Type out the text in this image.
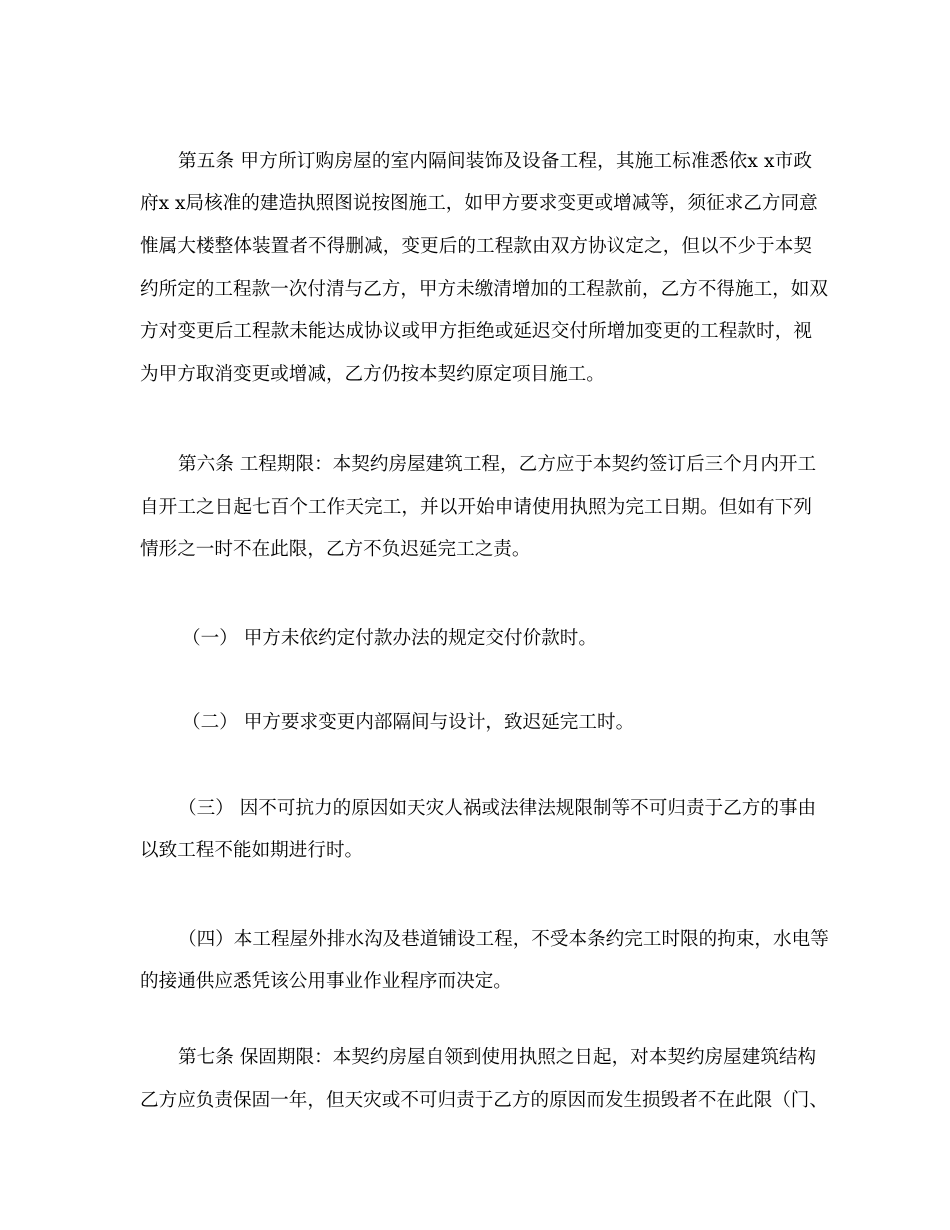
第五条 甲方所订购房屋的室内隔间装饰及设备工程，其施工标准悉依x x市政
府x x局核准的建造执照图说按图施工，如甲方要求变更或增减等，须征求乙方同意
惟属大楼整体装置者不得删减，变更后的工程款由双方协议定之，但以不少于本契
约所定的工程款一次付清与乙方，甲方未缴清增加的工程款前，乙方不得施工，如双
方对变更后工程款未能达成协议或甲方拒绝或延迟交付所增加变更的工程款时，视
为甲方取消变更或增减，乙方仍按本契约原定项目施工。
第六条 工程期限：本契约房屋建筑工程，乙方应于本契约签订后三个月内开工
自开工之日起七百个工作天完工，并以开始申请使用执照为完工日期。但如有下列
情形之一时不在此限，乙方不负迟延完工之责。
（一） 甲方未依约定付款办法的规定交付价款时。
（二） 甲方要求变更内部隔间与设计，致迟延完工时。
（三） 因不可抗力的原因如天灾人祸或法律法规限制等不可归责于乙方的事由
以致工程不能如期进行时。
（四）本工程屋外排水沟及巷道铺设工程，不受本条约完工时限的拘束，水电等
的接通供应悉凭该公用事业作业程序而决定。
第七条 保固期限：本契约房屋自领到使用执照之日起，对本契约房屋建筑结构
乙方应负责保固一年，但天灾或不可归责于乙方的原因而发生损毁者不在此限（门、
